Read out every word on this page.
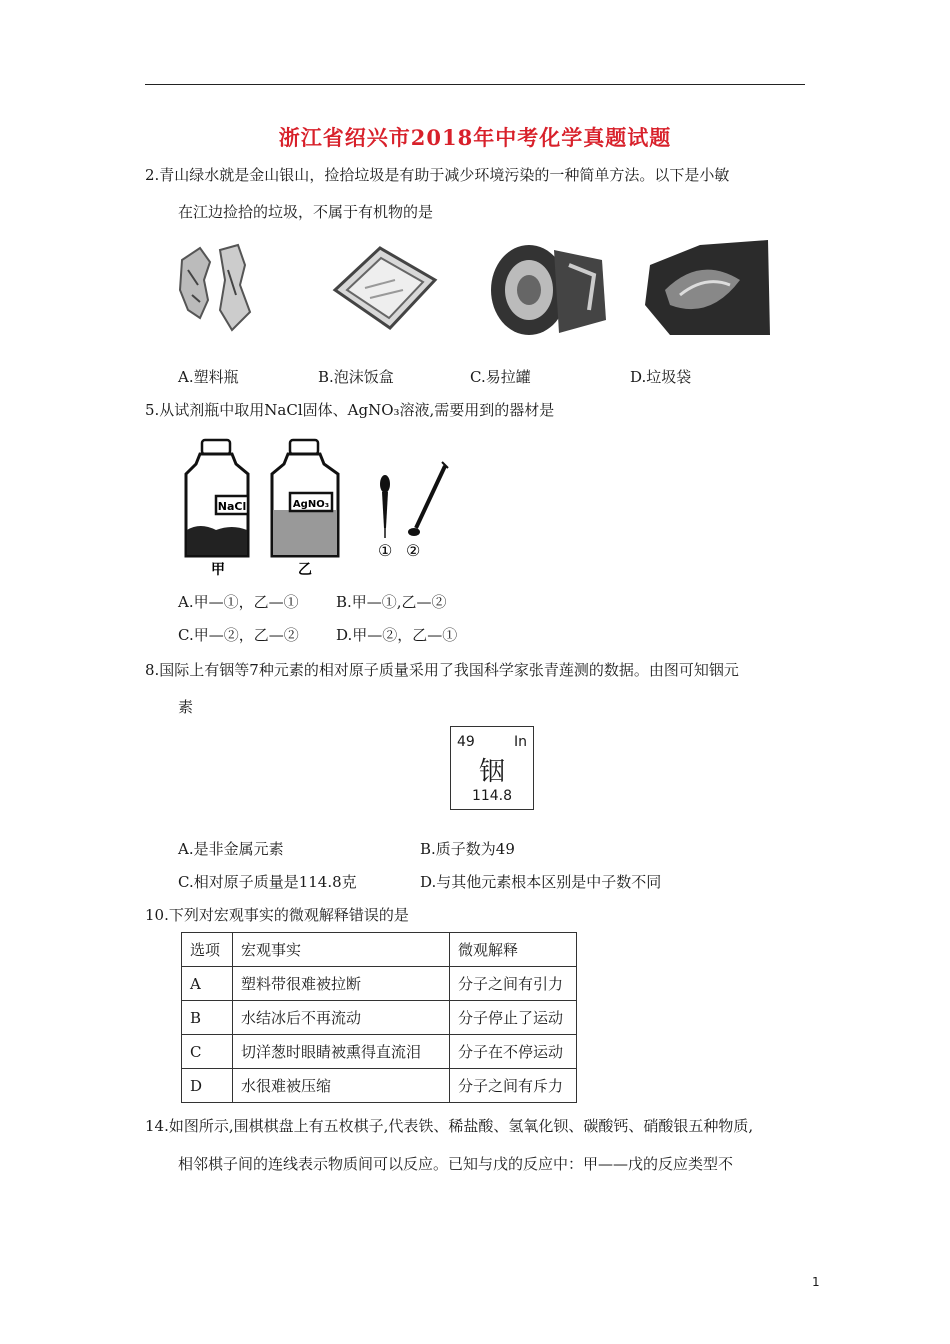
浙江省绍兴市2018年中考化学真题试题
2.青山绿水就是金山银山，捡拾垃圾是有助于减少环境污染的一种简单方法。以下是小敏
在江边捡拾的垃圾，不属于有机物的是
A.塑料瓶	B.泡沫饭盒	C.易拉罐	D.垃圾袋
5.从试剂瓶中取用NaCl固体、AgNO₃溶液,需要用到的器材是
NaCl
甲
AgNO₃
乙
① ②
A.甲—①，乙—① B.甲—①,乙—②
C.甲—②，乙—② D.甲—②，乙—①
8.国际上有铟等7种元素的相对原子质量采用了我国科学家张青莲测的数据。由图可知铟元
素
49	In
铟
114.8
A.是非金属元素	B.质子数为49
C.相对原子质量是114.8克	D.与其他元素根本区别是中子数不同
10.下列对宏观事实的微观解释错误的是
选项	宏观事实	微观解释
A	塑料带很难被拉断	分子之间有引力
B	水结冰后不再流动	分子停止了运动
C	切洋葱时眼睛被熏得直流泪	分子在不停运动
D	水很难被压缩	分子之间有斥力
14.如图所示,围棋棋盘上有五枚棋子,代表铁、稀盐酸、氢氧化钡、碳酸钙、硝酸银五种物质,
相邻棋子间的连线表示物质间可以反应。已知与戊的反应中：甲——戊的反应类型不
1
